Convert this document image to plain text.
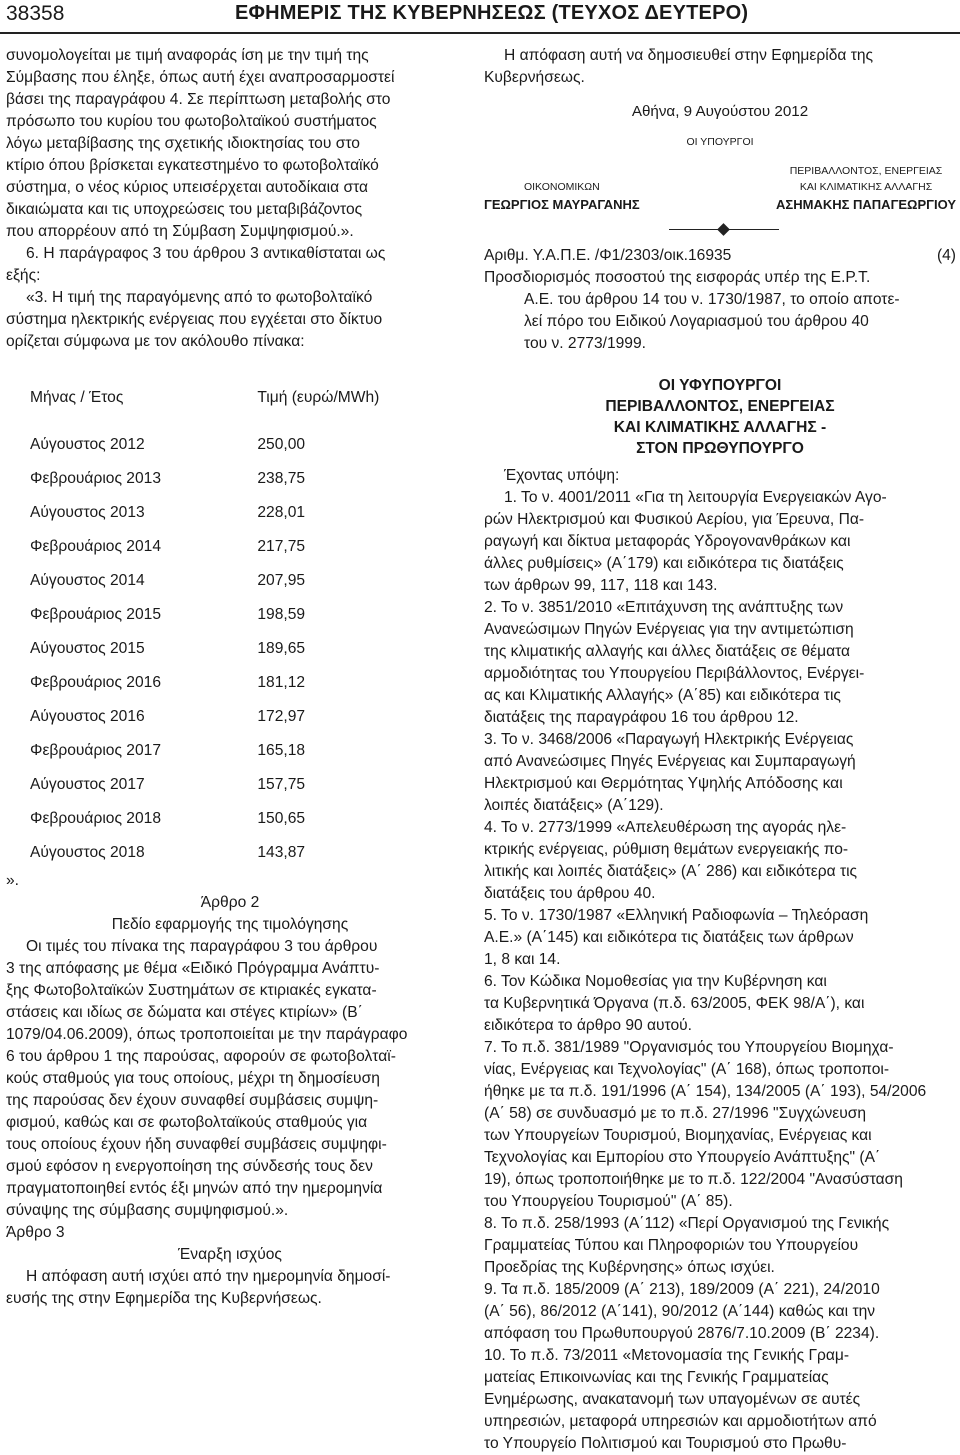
38358	ΕΦΗΜΕΡΙΣ ΤΗΣ ΚΥΒΕΡΝΗΣΕΩΣ (ΤΕΥΧΟΣ ΔΕΥΤΕΡΟ)

συνομολογείται με τιμή αναφοράς ίση με την τιμή της
Σύμβασης που έληξε, όπως αυτή έχει αναπροσαρμοστεί
βάσει της παραγράφου 4. Σε περίπτωση μεταβολής στο
πρόσωπο του κυρίου του φωτοβολταϊκού συστήματος
λόγω μεταβίβασης της σχετικής ιδιοκτησίας του στο
κτίριο όπου βρίσκεται εγκατεστημένο το φωτοβολταϊκό
σύστημα, ο νέος κύριος υπεισέρχεται αυτοδίκαια στα
δικαιώματα και τις υποχρεώσεις του μεταβιβάζοντος
που απορρέουν από τη Σύμβαση Συμψηφισμού.».

6. Η παράγραφος 3 του άρθρου 3 αντικαθίσταται ως
εξής:

«3. Η τιμή της παραγόμενης από το φωτοβολταϊκό
σύστημα ηλεκτρικής ενέργειας που εγχέεται στο δίκτυο
ορίζεται σύμφωνα με τον ακόλουθο πίνακα:

Μήνας / Έτος	Τιμή (ευρώ/MWh)
Αύγουστος 2012	250,00
Φεβρουάριος 2013	238,75
Αύγουστος 2013	228,01
Φεβρουάριος 2014	217,75
Αύγουστος 2014	207,95
Φεβρουάριος 2015	198,59
Αύγουστος 2015	189,65
Φεβρουάριος 2016	181,12
Αύγουστος 2016	172,97
Φεβρουάριος 2017	165,18
Αύγουστος 2017	157,75
Φεβρουάριος 2018	150,65
Αύγουστος 2018	143,87

».

Άρθρο 2

Πεδίο εφαρμογής της τιμολόγησης

Οι τιμές του πίνακα της παραγράφου 3 του άρθρου
3 της απόφασης με θέμα «Ειδικό Πρόγραμμα Ανάπτυ-
ξης Φωτοβολταϊκών Συστημάτων σε κτιριακές εγκατα-
στάσεις και ιδίως σε δώματα και στέγες κτιρίων» (Β΄
1079/04.06.2009), όπως τροποποιείται με την παράγραφο
6 του άρθρου 1 της παρούσας, αφορούν σε φωτοβολταϊ-
κούς σταθμούς για τους οποίους, μέχρι τη δημοσίευση
της παρούσας δεν έχουν συναφθεί συμβάσεις συμψη-
φισμού, καθώς και σε φωτοβολταϊκούς σταθμούς για
τους οποίους έχουν ήδη συναφθεί συμβάσεις συμψηφι-
σμού εφόσον η ενεργοποίηση της σύνδεσής τους δεν
πραγματοποιηθεί εντός έξι μηνών από την ημερομηνία
σύναψης της σύμβασης συμψηφισμού.».

Άρθρο 3

Έναρξη ισχύος

Η απόφαση αυτή ισχύει από την ημερομηνία δημοσί-
ευσής της στην Εφημερίδα της Κυβερνήσεως.

Η απόφαση αυτή να δημοσιευθεί στην Εφημερίδα της
Κυβερνήσεως.

Αθήνα, 9 Αυγούστου 2012
ΟΙ ΥΠΟΥΡΓΟΙ
ΟΙΚΟΝΟΜΙΚΩΝ
ΓΕΩΡΓΙΟΣ ΜΑΥΡΑΓΑΝΗΣ
ΠΕΡΙΒΑΛΛΟΝΤΟΣ, ΕΝΕΡΓΕΙΑΣ
ΚΑΙ ΚΛΙΜΑΤΙΚΗΣ ΑΛΛΑΓΗΣ
ΑΣΗΜΑΚΗΣ ΠΑΠΑΓΕΩΡΓΙΟΥ
Αριθμ. Υ.Α.Π.Ε. /Φ1/2303/οικ.16935	(4)

Προσδιορισμός ποσοστού της εισφοράς υπέρ της Ε.Ρ.Τ.

Α.Ε. του άρθρου 14 του ν. 1730/1987, το οποίο αποτε-
λεί πόρο του Ειδικού Λογαριασμού του άρθρου 40
του ν. 2773/1999.

ΟΙ ΥΦΥΠΟΥΡΓΟΙ
ΠΕΡΙΒΑΛΛΟΝΤΟΣ, ΕΝΕΡΓΕΙΑΣ
ΚΑΙ ΚΛΙΜΑΤΙΚΗΣ ΑΛΛΑΓΗΣ -
ΣΤΟΝ ΠΡΩΘΥΠΟΥΡΓΟ

Έχοντας υπόψη:

1. Το ν. 4001/2011 «Για τη λειτουργία Ενεργειακών Αγο-
ρών Ηλεκτρισμού και Φυσικού Αερίου, για Έρευνα, Πα-
ραγωγή και δίκτυα μεταφοράς Υδρογονανθράκων και
άλλες ρυθμίσεις» (Α΄179) και ειδικότερα τις διατάξεις
των άρθρων 99, 117, 118 και 143.
2. Το ν. 3851/2010 «Επιτάχυνση της ανάπτυξης των
Ανανεώσιμων Πηγών Ενέργειας για την αντιμετώπιση
της κλιματικής αλλαγής και άλλες διατάξεις σε θέματα
αρμοδιότητας του Υπουργείου Περιβάλλοντος, Ενέργει-
ας και Κλιματικής Αλλαγής» (Α΄85) και ειδικότερα τις
διατάξεις της παραγράφου 16 του άρθρου 12.
3. Το ν. 3468/2006 «Παραγωγή Ηλεκτρικής Ενέργειας
από Ανανεώσιμες Πηγές Ενέργειας και Συμπαραγωγή
Ηλεκτρισμού και Θερμότητας Υψηλής Απόδοσης και
λοιπές διατάξεις» (Α΄129).
4. Το ν. 2773/1999 «Απελευθέρωση της αγοράς ηλε-
κτρικής ενέργειας, ρύθμιση θεμάτων ενεργειακής πο-
λιτικής και λοιπές διατάξεις» (Α΄ 286) και ειδικότερα τις
διατάξεις του άρθρου 40.
5. Το ν. 1730/1987 «Ελληνική Ραδιοφωνία – Τηλεόραση
Α.Ε.» (Α΄145) και ειδικότερα τις διατάξεις των άρθρων
1, 8 και 14.
6. Τον Κώδικα Νομοθεσίας για την Κυβέρνηση και
τα Κυβερνητικά Όργανα (π.δ. 63/2005, ΦΕΚ 98/Α΄), και
ειδικότερα το άρθρο 90 αυτού.
7. Το π.δ. 381/1989 "Οργανισμός του Υπουργείου Βιομηχα-
νίας, Ενέργειας και Τεχνολογίας" (Α΄ 168), όπως τροποποι-
ήθηκε με τα π.δ. 191/1996 (Α΄ 154), 134/2005 (Α΄ 193), 54/2006
(Α΄ 58) σε συνδυασμό με το π.δ. 27/1996 "Συγχώνευση
των Υπουργείων Τουρισμού, Βιομηχανίας, Ενέργειας και
Τεχνολογίας και Εμπορίου στο Υπουργείο Ανάπτυξης" (Α΄
19), όπως τροποποιήθηκε με το π.δ. 122/2004 "Ανασύσταση
του Υπουργείου Τουρισμού" (Α΄ 85).
8. Το π.δ. 258/1993 (Α΄112) «Περί Οργανισμού της Γενικής
Γραμματείας Τύπου και Πληροφοριών του Υπουργείου
Προεδρίας της Κυβέρνησης» όπως ισχύει.
9. Τα π.δ. 185/2009 (Α΄ 213), 189/2009 (Α΄ 221), 24/2010
(Α΄ 56), 86/2012 (Α΄141), 90/2012 (Α΄144) καθώς και την
απόφαση του Πρωθυπουργού 2876/7.10.2009 (Β΄ 2234).
10. Το π.δ. 73/2011 «Μετονομασία της Γενικής Γραμ-
ματείας Επικοινωνίας και της Γενικής Γραμματείας
Ενημέρωσης, ανακατανομή των υπαγομένων σε αυτές
υπηρεσιών, μεταφορά υπηρεσιών και αρμοδιοτήτων από
το Υπουργείο Πολιτισμού και Τουρισμού στο Πρωθυ-
